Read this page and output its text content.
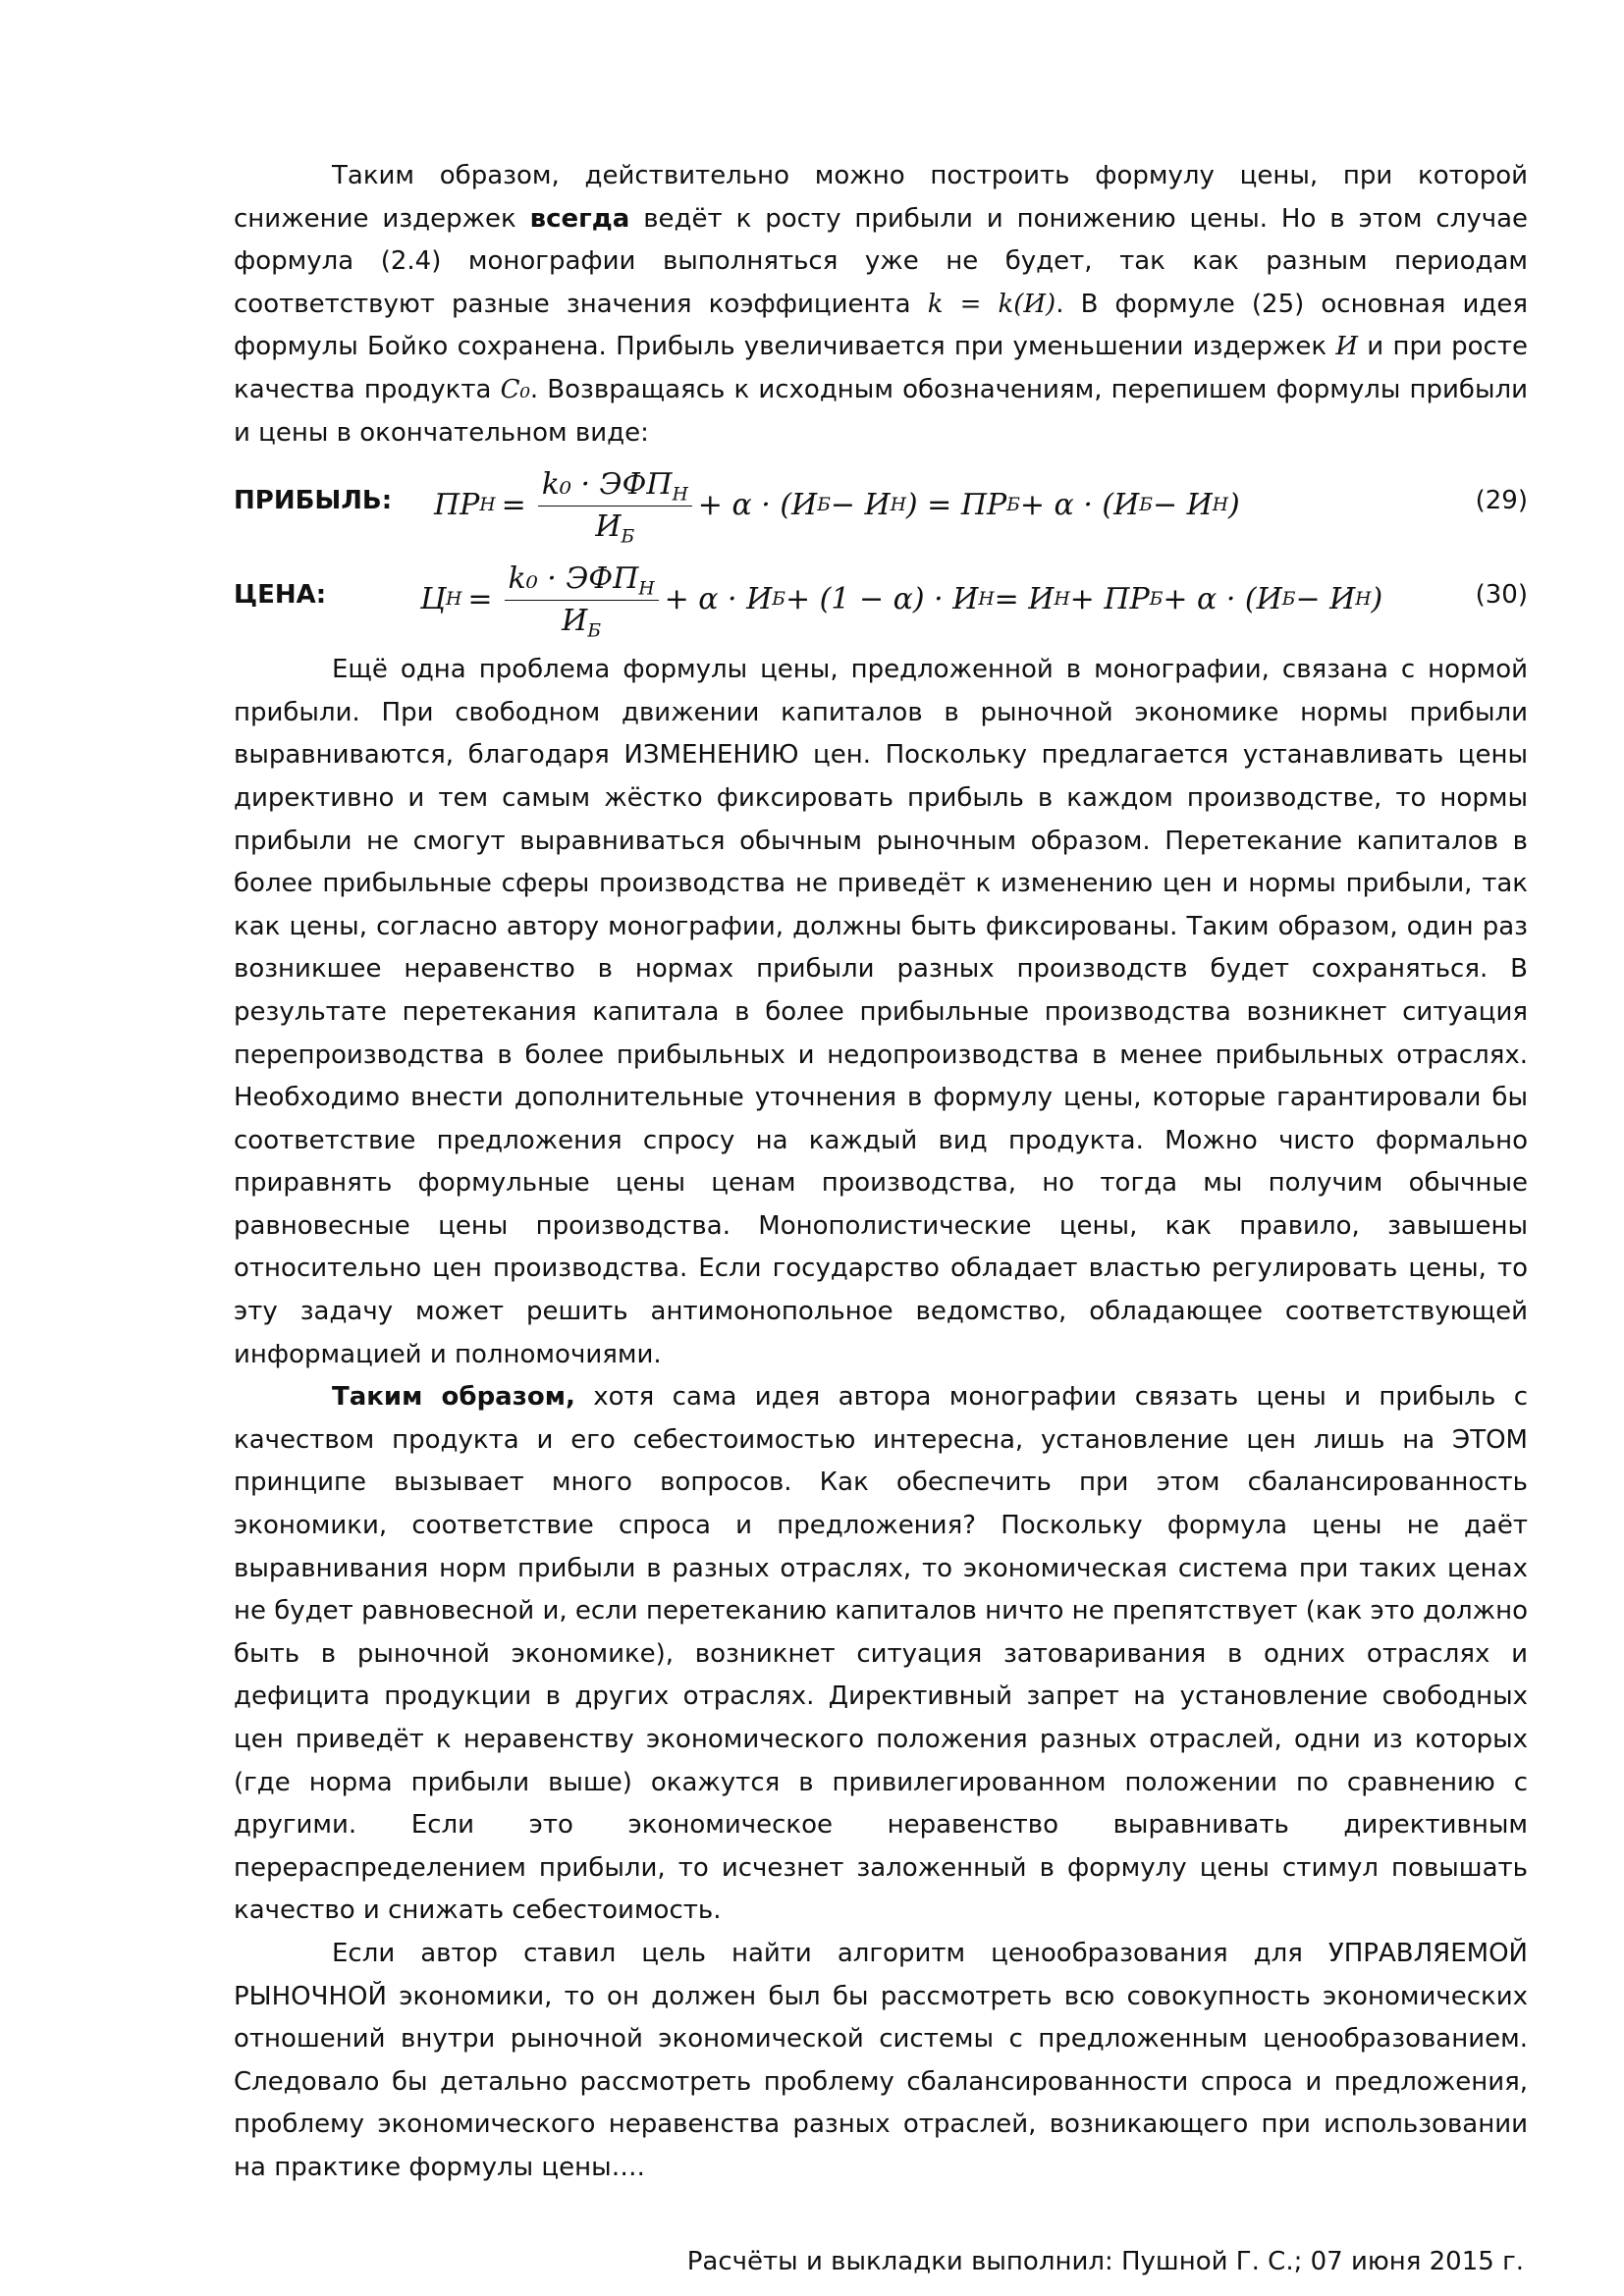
Таким образом, действительно можно построить формулу цены, при которой снижение издержек всегда ведёт к росту прибыли и понижению цены. Но в этом случае формула (2.4) монографии выполняться уже не будет, так как разным периодам соответствуют разные значения коэффициента k = k(И). В формуле (25) основная идея формулы Бойко сохранена. Прибыль увеличивается при уменьшении издержек И и при росте качества продукта C₀. Возвращаясь к исходным обозначениям, перепишем формулы прибыли и цены в окончательном виде:

ПРИБЫЛЬ: ПР $Н = \frac{k_0 \cdot ЭФП_Н}{И_Б} + \alpha \cdot (И$ Б − И Н ) = ПР Б + α · (И Б − И Н )	(29)
ЦЕНА:	Ц $Н = \frac{k_0 \cdot ЭФП_Н}{И_Б} + \alpha \cdot И$ Б + (1 − α) · И Н = И Н + ПР Б + α · (И Б − И Н )	(30)

Ещё одна проблема формулы цены, предложенной в монографии, связана с нормой прибыли. При свободном движении капиталов в рыночной экономике нормы прибыли выравниваются, благодаря ИЗМЕНЕНИЮ цен. Поскольку предлагается устанавливать цены директивно и тем самым жёстко фиксировать прибыль в каждом производстве, то нормы прибыли не смогут выравниваться обычным рыночным образом. Перетекание капиталов в более прибыльные сферы производства не приведёт к изменению цен и нормы прибыли, так как цены, согласно автору монографии, должны быть фиксированы. Таким образом, один раз возникшее неравенство в нормах прибыли разных производств будет сохраняться. В результате перетекания капитала в более прибыльные производства возникнет ситуация перепроизводства в более прибыльных и недопроизводства в менее прибыльных отраслях. Необходимо внести дополнительные уточнения в формулу цены, которые гарантировали бы соответствие предложения спросу на каждый вид продукта. Можно чисто формально приравнять формульные цены ценам производства, но тогда мы получим обычные равновесные цены производства. Монополистические цены, как правило, завышены относительно цен производства. Если государство обладает властью регулировать цены, то эту задачу может решить антимонопольное ведомство, обладающее соответствующей информацией и полномочиями.

Таким образом, хотя сама идея автора монографии связать цены и прибыль с качеством продукта и его себестоимостью интересна, установление цен лишь на ЭТОМ принципе вызывает много вопросов. Как обеспечить при этом сбалансированность экономики, соответствие спроса и предложения? Поскольку формула цены не даёт выравнивания норм прибыли в разных отраслях, то экономическая система при таких ценах не будет равновесной и, если перетеканию капиталов ничто не препятствует (как это должно быть в рыночной экономике), возникнет ситуация затоваривания в одних отраслях и дефицита продукции в других отраслях. Директивный запрет на установление свободных цен приведёт к неравенству экономического положения разных отраслей, одни из которых (где норма прибыли выше) окажутся в привилегированном положении по сравнению с другими. Если это экономическое неравенство выравнивать директивным перераспределением прибыли, то исчезнет заложенный в формулу цены стимул повышать качество и снижать себестоимость.

Если автор ставил цель найти алгоритм ценообразования для УПРАВЛЯЕМОЙ РЫНОЧНОЙ экономики, то он должен был бы рассмотреть всю совокупность экономических отношений внутри рыночной экономической системы с предложенным ценообразованием. Следовало бы детально рассмотреть проблему сбалансированности спроса и предложения, проблему экономического неравенства разных отраслей, возникающего при использовании на практике формулы цены….

Расчёты и выкладки выполнил: Пушной Г. С.; 07 июня 2015 г.
